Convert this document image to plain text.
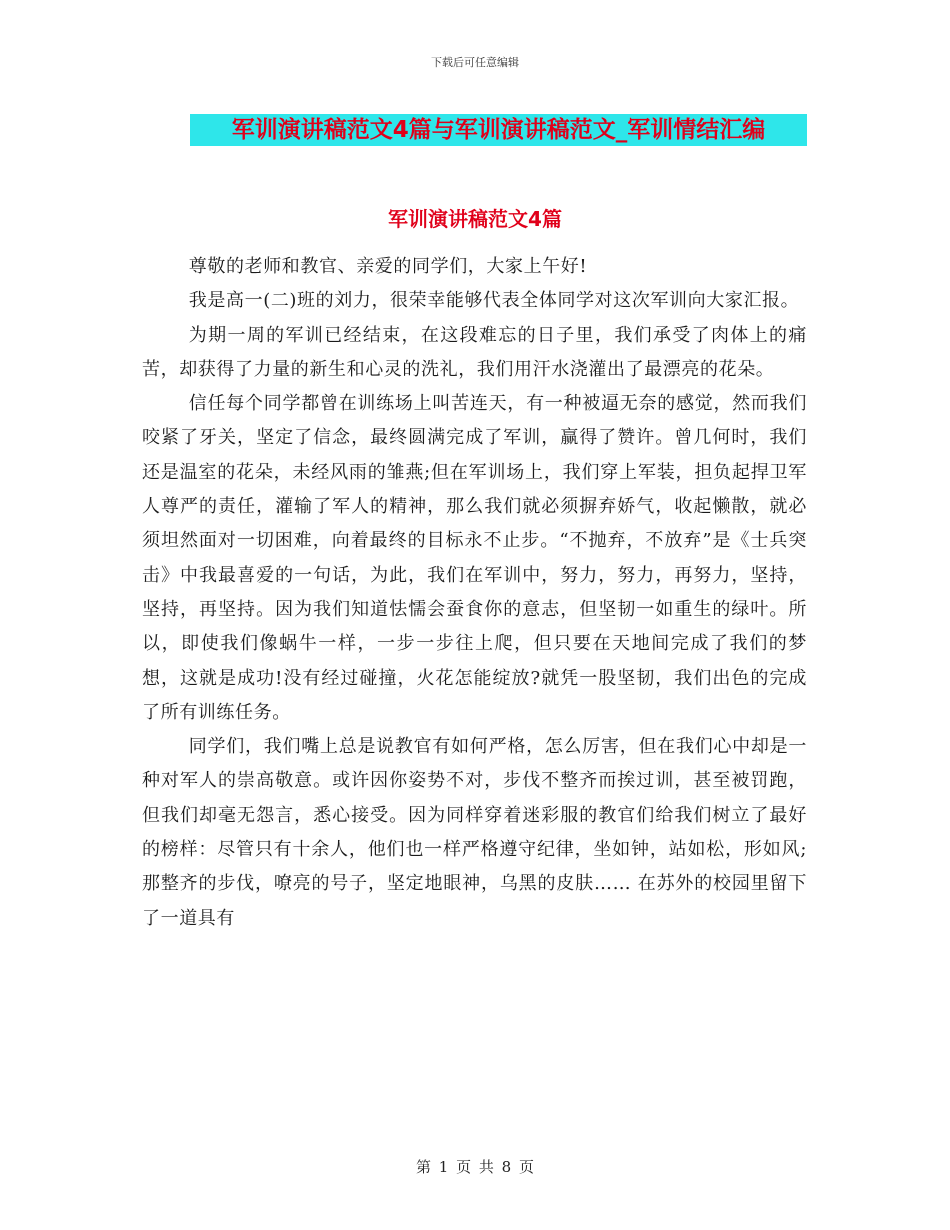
下载后可任意编辑
军训演讲稿范文4篇与军训演讲稿范文_军训情结汇编
军训演讲稿范文4篇

尊敬的老师和教官、亲爱的同学们，大家上午好!

我是高一(二)班的刘力，很荣幸能够代表全体同学对这次军训向大家汇报。

为期一周的军训已经结束，在这段难忘的日子里，我们承受了肉体上的痛苦，却获得了力量的新生和心灵的洗礼，我们用汗水浇灌出了最漂亮的花朵。

信任每个同学都曾在训练场上叫苦连天，有一种被逼无奈的感觉，然而我们咬紧了牙关，坚定了信念，最终圆满完成了军训，赢得了赞许。曾几何时，我们还是温室的花朵，未经风雨的雏燕;但在军训场上，我们穿上军装，担负起捍卫军人尊严的责任，灌输了军人的精神，那么我们就必须摒弃娇气，收起懒散，就必须坦然面对一切困难，向着最终的目标永不止步。“不抛弃，不放弃”是《士兵突击》中我最喜爱的一句话，为此，我们在军训中，努力，努力，再努力，坚持，坚持，再坚持。因为我们知道怯懦会蚕食你的意志，但坚韧一如重生的绿叶。所以，即使我们像蜗牛一样，一步一步往上爬，但只要在天地间完成了我们的梦想，这就是成功!没有经过碰撞，火花怎能绽放?就凭一股坚韧，我们出色的完成了所有训练任务。

同学们，我们嘴上总是说教官有如何严格，怎么厉害，但在我们心中却是一种对军人的崇高敬意。或许因你姿势不对，步伐不整齐而挨过训，甚至被罚跑，但我们却毫无怨言，悉心接受。因为同样穿着迷彩服的教官们给我们树立了最好的榜样：尽管只有十余人，他们也一样严格遵守纪律，坐如钟，站如松，形如风;那整齐的步伐，嘹亮的号子，坚定地眼神，乌黑的皮肤…… 在苏外的校园里留下了一道具有

第 1 页 共 8 页
